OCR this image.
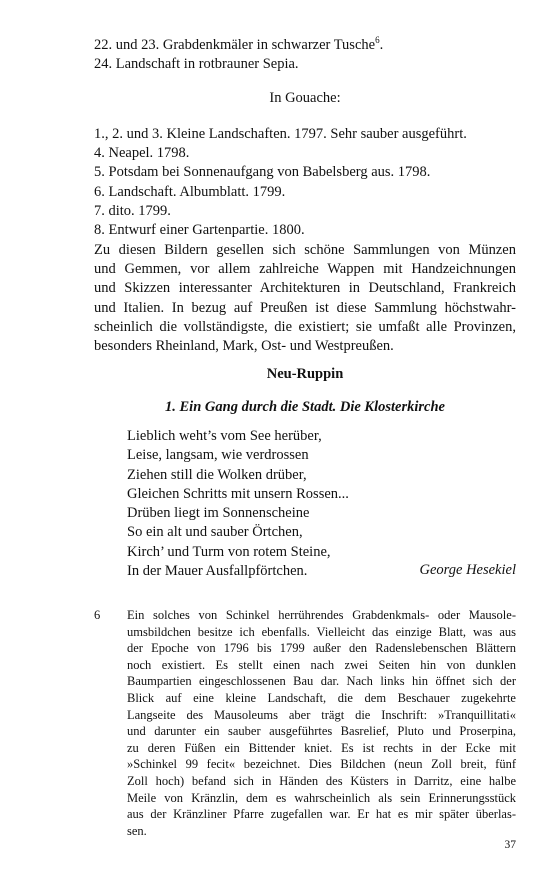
22. und 23. Grabdenkmäler in schwarzer Tusche$^6$.
24. Landschaft in rotbrauner Sepia.
In Gouache:
1., 2. und 3. Kleine Landschaften. 1797. Sehr sauber ausgeführt.
4. Neapel. 1798.
5. Potsdam bei Sonnenaufgang von Babelsberg aus. 1798.
6. Landschaft. Albumblatt. 1799.
7. dito. 1799.
8. Entwurf einer Gartenpartie. 1800.

Zu diesen Bildern gesellen sich schöne Sammlungen von Münzen
und Gemmen, vor allem zahlreiche Wappen mit Handzeichnungen
und Skizzen interessanter Architekturen in Deutschland, Frankreich
und Italien. In bezug auf Preußen ist diese Sammlung höchstwahr-
scheinlich die vollständigste, die existiert; sie umfaßt alle Provinzen,
besonders Rheinland, Mark, Ost- und Westpreußen.

Neu-Ruppin
1. Ein Gang durch die Stadt. Die Klosterkirche
Lieblich weht’s vom See herüber,
Leise, langsam, wie verdrossen
Ziehen still die Wolken drüber,
Gleichen Schritts mit unsern Rossen...
Drüben liegt im Sonnenscheine
So ein alt und sauber Örtchen,
Kirch’ und Turm von rotem Steine,
In der Mauer Ausfallpförtchen.	George Hesekiel
6 Ein solches von Schinkel herrührendes Grabdenkmals- oder Mausole-
umsbildchen besitze ich ebenfalls. Vielleicht das einzige Blatt, was aus
der Epoche von 1796 bis 1799 außer den Radenslebenschen Blättern
noch existiert. Es stellt einen nach zwei Seiten hin von dunklen
Baumpartien eingeschlossenen Bau dar. Nach links hin öffnet sich der
Blick auf eine kleine Landschaft, die dem Beschauer zugekehrte
Langseite des Mausoleums aber trägt die Inschrift: »Tranquillitati«
und darunter ein sauber ausgeführtes Basrelief, Pluto und Proserpina,
zu deren Füßen ein Bittender kniet. Es ist rechts in der Ecke mit
»Schinkel 99 fecit« bezeichnet. Dies Bildchen (neun Zoll breit, fünf
Zoll hoch) befand sich in Händen des Küsters in Darritz, eine halbe
Meile von Kränzlin, dem es wahrscheinlich als sein Erinnerungsstück
aus der Kränzliner Pfarre zugefallen war. Er hat es mir später überlas-
sen.

37
